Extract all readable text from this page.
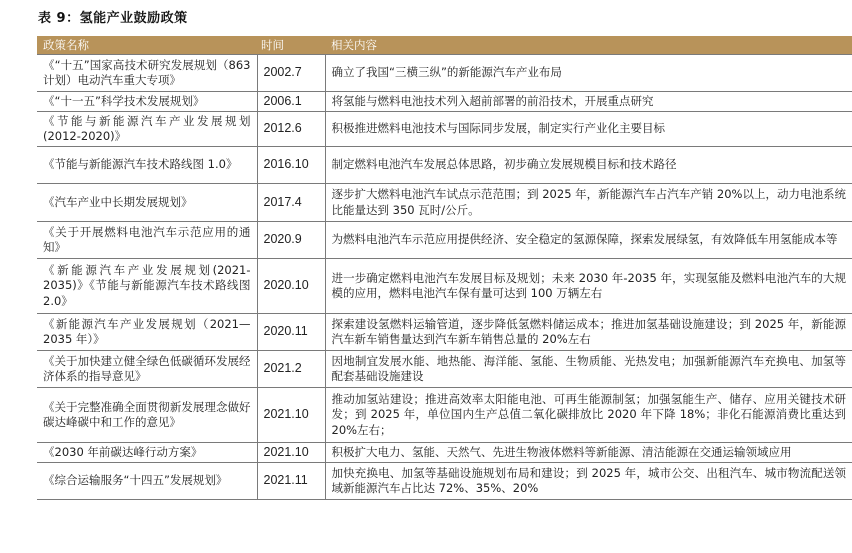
表 9：氢能产业鼓励政策
政策名称	时间	相关内容
《“十五”国家高技术研究发展规划（863 计划）电动汽车重大专项》	2002.7	确立了我国“三横三纵”的新能源汽车产业布局
《“十一五”科学技术发展规划》	2006.1	将氢能与燃料电池技术列入超前部署的前沿技术，开展重点研究
《节能与新能源汽车产业发展规划(2012-2020)》	2012.6	积极推进燃料电池技术与国际同步发展，制定实行产业化主要目标
《节能与新能源汽车技术路线图 1.0》	2016.10	制定燃料电池汽车发展总体思路，初步确立发展规模目标和技术路径
《汽车产业中长期发展规划》	2017.4	逐步扩大燃料电池汽车试点示范范围；到 2025 年，新能源汽车占汽车产销 20%以上，动力电池系统比能量达到 350 瓦时/公斤。
《关于开展燃料电池汽车示范应用的通知》	2020.9	为燃料电池汽车示范应用提供经济、安全稳定的氢源保障，探索发展绿氢，有效降低车用氢能成本等
《新能源汽车产业发展规划(2021-2035)》《节能与新能源汽车技术路线图 2.0》	2020.10	进一步确定燃料电池汽车发展目标及规划；未来 2030 年-2035 年，实现氢能及燃料电池汽车的大规模的应用，燃料电池汽车保有量可达到 100 万辆左右
《新能源汽车产业发展规划（2021—2035 年）》	2020.11	探索建设氢燃料运输管道，逐步降低氢燃料储运成本；推进加氢基础设施建设；到 2025 年，新能源汽车新车销售量达到汽车新车销售总量的 20%左右
《关于加快建立健全绿色低碳循环发展经济体系的指导意见》	2021.2	因地制宜发展水能、地热能、海洋能、氢能、生物质能、光热发电；加强新能源汽车充换电、加氢等配套基础设施建设
《关于完整准确全面贯彻新发展理念做好碳达峰碳中和工作的意见》	2021.10	推动加氢站建设；推进高效率太阳能电池、可再生能源制氢；加强氢能生产、储存、应用关键技术研发；到 2025 年，单位国内生产总值二氧化碳排放比 2020 年下降 18%；非化石能源消费比重达到 20%左右；
《2030 年前碳达峰行动方案》	2021.10	积极扩大电力、氢能、天然气、先进生物液体燃料等新能源、清洁能源在交通运输领域应用
《综合运输服务“十四五”发展规划》	2021.11	加快充换电、加氢等基础设施规划布局和建设；到 2025 年，城市公交、出租汽车、城市物流配送领域新能源汽车占比达 72%、35%、20%
